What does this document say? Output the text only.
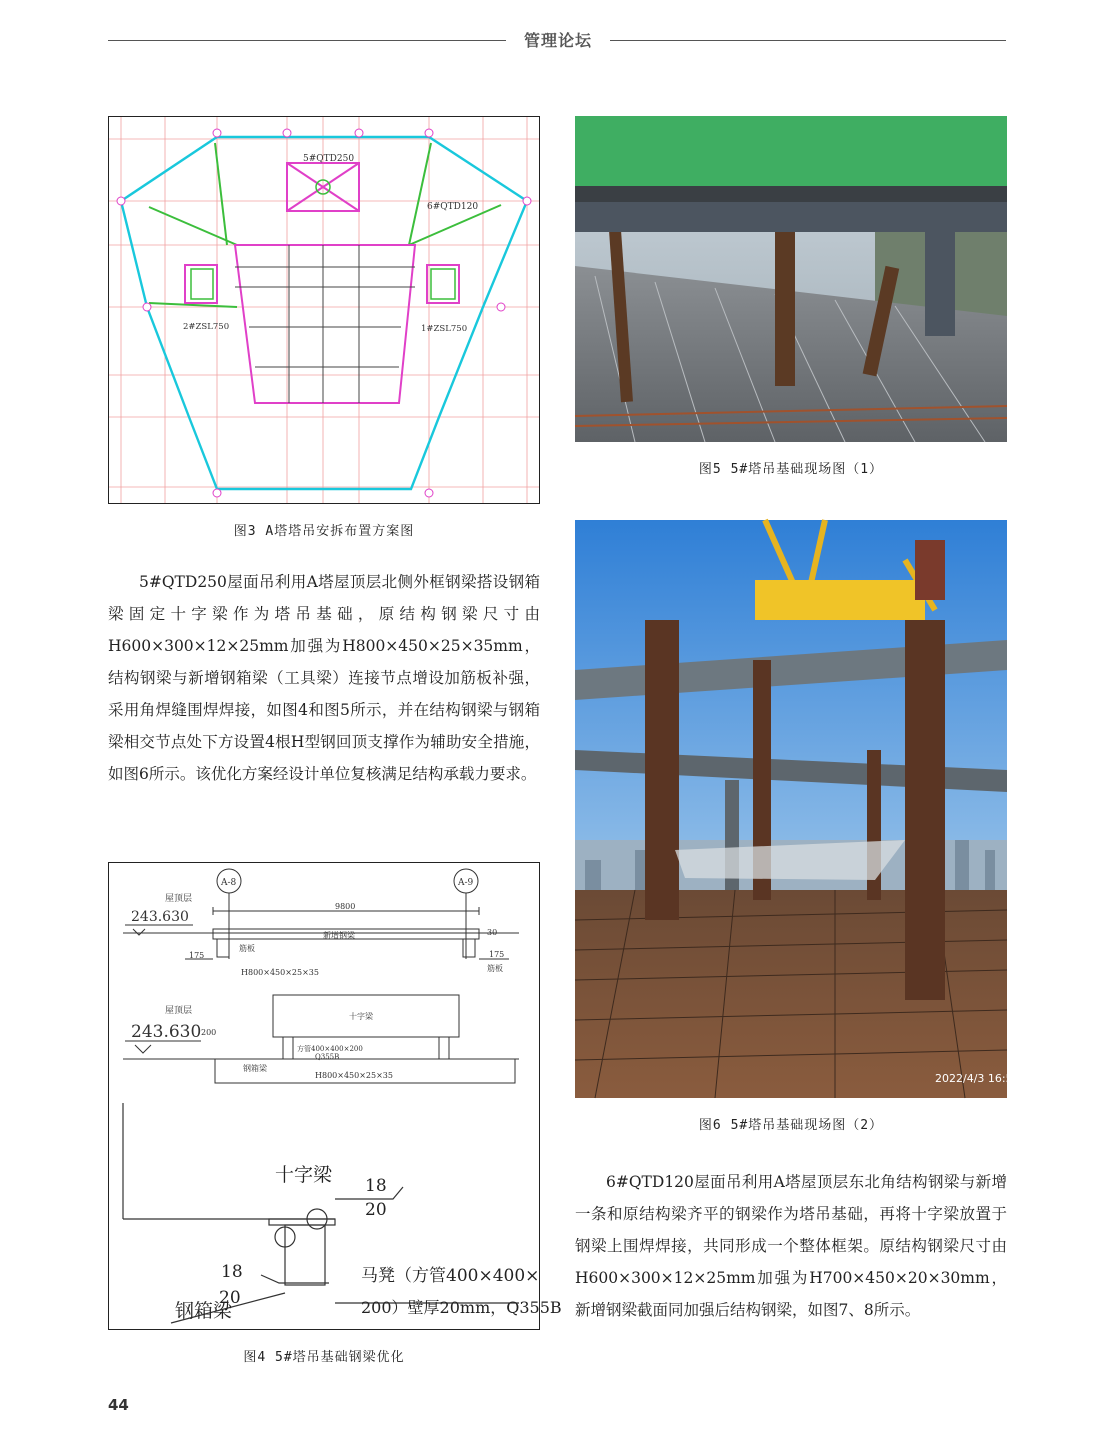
管理论坛
5#QTD250
6#QTD120
2#ZSL750	1#ZSL750
图3 A塔塔吊安拆布置方案图

5#QTD250屋面吊利用A塔屋顶层北侧外框钢梁搭设钢箱梁固定十字梁作为塔吊基础，原结构钢梁尺寸由H600×300×12×25mm加强为H800×450×25×35mm，结构钢梁与新增钢箱梁（工具梁）连接节点增设加筋板补强，采用角焊缝围焊焊接，如图4和图5所示，并在结构钢梁与钢箱梁相交节点处下方设置4根H型钢回顶支撑作为辅助安全措施，如图6所示。该优化方案经设计单位复核满足结构承载力要求。

A-8	A-9
屋顶层
243.630
9800
新增钢梁	30
175	175
筋板
筋板
H800×450×25×35
屋顶层
243.630 200
十字梁
方管400×400×200
Q355B
钢箱梁
H800×450×25×35
十字梁 18
20
18
20
马凳（方管400×400×
200）壁厚20mm，Q355B
钢箱梁
图4 5#塔吊基础钢梁优化
图5 5#塔吊基础现场图（1）
2022/4/3 16:55
图6 5#塔吊基础现场图（2）

6#QTD120屋面吊利用A塔屋顶层东北角结构钢梁与新增一条和原结构梁齐平的钢梁作为塔吊基础，再将十字梁放置于钢梁上围焊焊接，共同形成一个整体框架。原结构钢梁尺寸由H600×300×12×25mm加强为H700×450×20×30mm，新增钢梁截面同加强后结构钢梁，如图7、8所示。

44
